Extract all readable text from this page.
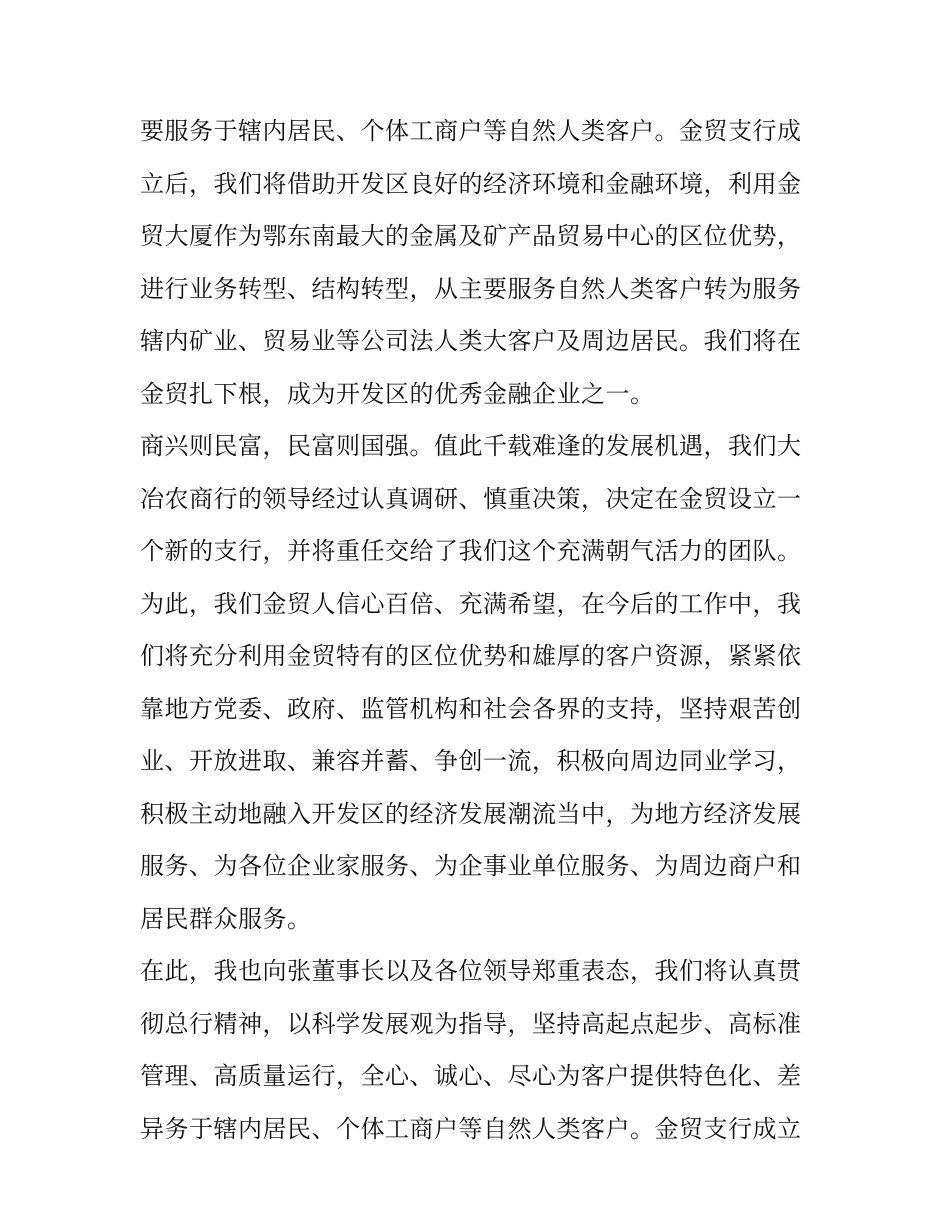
要服务于辖内居民、个体工商户等自然人类客户。金贸支行成
立后，我们将借助开发区良好的经济环境和金融环境，利用金
贸大厦作为鄂东南最大的金属及矿产品贸易中心的区位优势，
进行业务转型、结构转型，从主要服务自然人类客户转为服务
辖内矿业、贸易业等公司法人类大客户及周边居民。我们将在
金贸扎下根，成为开发区的优秀金融企业之一。
商兴则民富，民富则国强。值此千载难逢的发展机遇，我们大
冶农商行的领导经过认真调研、慎重决策，决定在金贸设立一
个新的支行，并将重任交给了我们这个充满朝气活力的团队。
为此，我们金贸人信心百倍、充满希望，在今后的工作中，我
们将充分利用金贸特有的区位优势和雄厚的客户资源，紧紧依
靠地方党委、政府、监管机构和社会各界的支持，坚持艰苦创
业、开放进取、兼容并蓄、争创一流，积极向周边同业学习，
积极主动地融入开发区的经济发展潮流当中，为地方经济发展
服务、为各位企业家服务、为企事业单位服务、为周边商户和
居民群众服务。
在此，我也向张董事长以及各位领导郑重表态，我们将认真贯
彻总行精神，以科学发展观为指导，坚持高起点起步、高标准
管理、高质量运行，全心、诚心、尽心为客户提供特色化、差
异务于辖内居民、个体工商户等自然人类客户。金贸支行成立
